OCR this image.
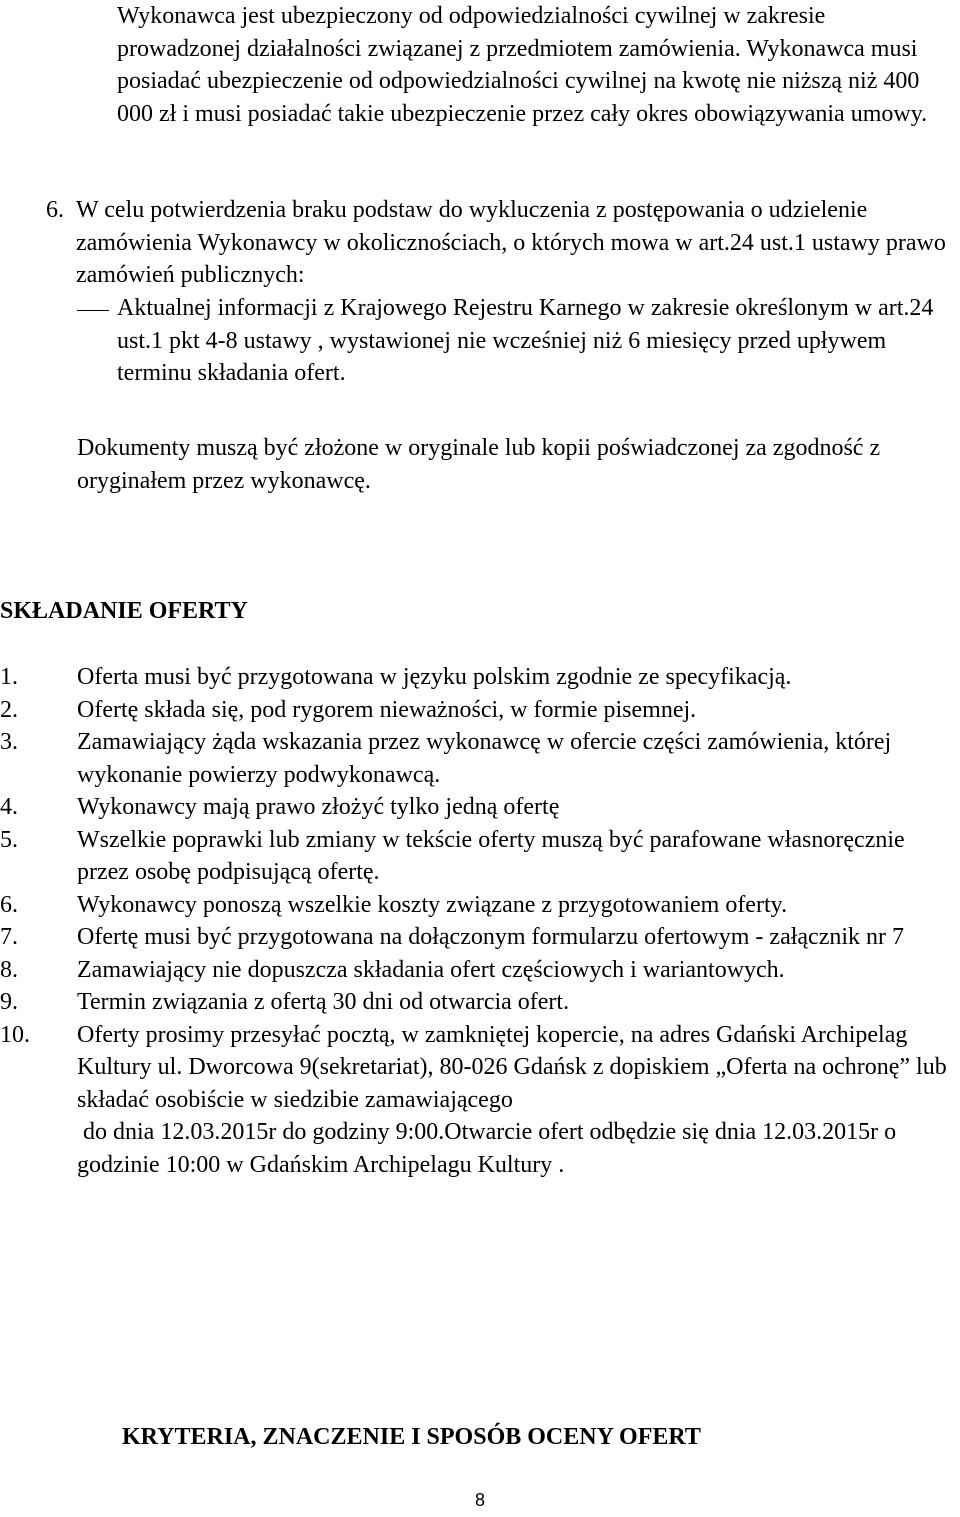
Wykonawca jest ubezpieczony od odpowiedzialności cywilnej w zakresie prowadzonej działalności związanej z przedmiotem zamówienia. Wykonawca musi posiadać ubezpieczenie od odpowiedzialności cywilnej na kwotę nie niższą niż 400 000 zł i musi posiadać takie ubezpieczenie przez cały okres obowiązywania umowy.

6. W celu potwierdzenia braku podstaw do wykluczenia z postępowania o udzielenie zamówienia Wykonawcy w okolicznościach, o których mowa w art.24 ust.1 ustawy prawo zamówień publicznych:
Aktualnej informacji z Krajowego Rejestru Karnego w zakresie określonym w art.24 ust.1 pkt 4-8 ustawy , wystawionej nie wcześniej niż 6 miesięcy przed upływem terminu składania ofert.

Dokumenty muszą być złożone w oryginale lub kopii poświadczonej za zgodność z oryginałem przez wykonawcę.

SKŁADANIE OFERTY
1. Oferta musi być przygotowana w języku polskim zgodnie ze specyfikacją.
2. Ofertę składa się, pod rygorem nieważności, w formie pisemnej.
3. Zamawiający żąda wskazania przez wykonawcę w ofercie części zamówienia, której wykonanie powierzy podwykonawcą.
4. Wykonawcy mają prawo złożyć tylko jedną ofertę
5. Wszelkie poprawki lub zmiany w tekście oferty muszą być parafowane własnoręcznie przez osobę podpisującą ofertę.
6. Wykonawcy ponoszą wszelkie koszty związane z przygotowaniem oferty.
7. Ofertę musi być przygotowana na dołączonym formularzu ofertowym - załącznik nr 7
8. Zamawiający nie dopuszcza składania ofert częściowych i wariantowych.
9. Termin związania z ofertą 30 dni od otwarcia ofert.
10. Oferty prosimy przesyłać pocztą, w zamkniętej kopercie, na adres Gdański Archipelag Kultury ul. Dworcowa 9(sekretariat), 80-026 Gdańsk z dopiskiem „Oferta na ochronę” lub składać osobiście w siedzibie zamawiającego
do dnia 12.03.2015r do godziny 9:00.Otwarcie ofert odbędzie się dnia 12.03.2015r o godzinie 10:00 w Gdańskim Archipelagu Kultury .
KRYTERIA, ZNACZENIE I SPOSÓB OCENY OFERT
8
